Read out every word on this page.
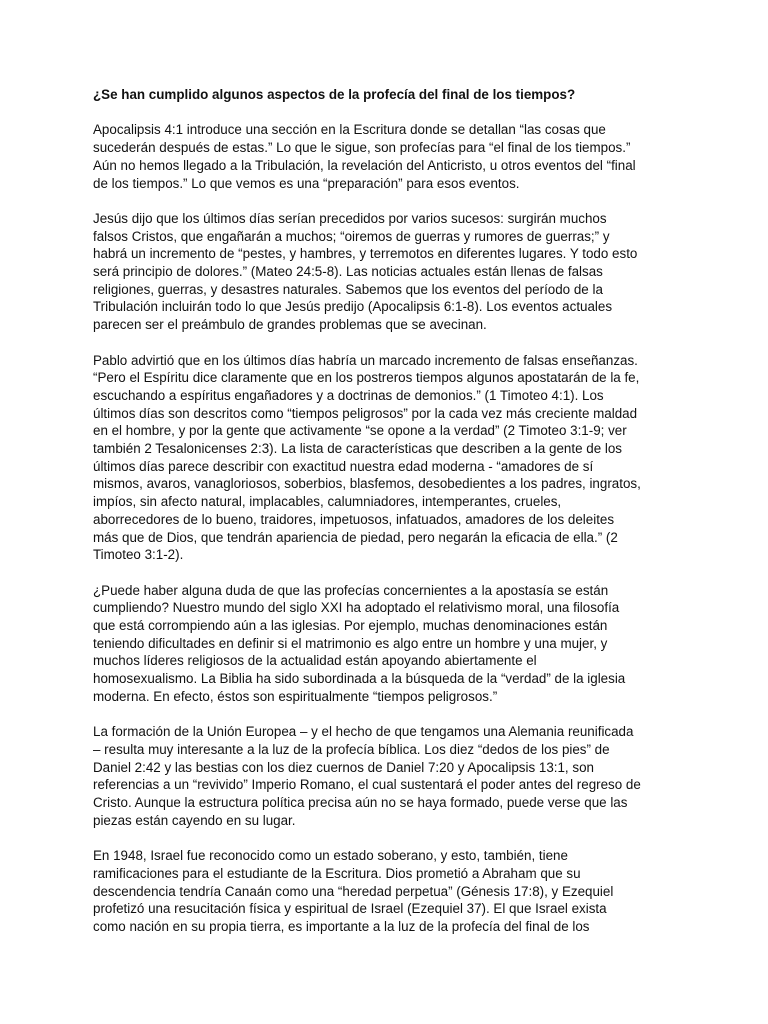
¿Se han cumplido algunos aspectos de la profecía del final de los tiempos?
Apocalipsis 4:1 introduce una sección en la Escritura donde se detallan “las cosas que
sucederán después de estas.” Lo que le sigue, son profecías para “el final de los tiempos.”
Aún no hemos llegado a la Tribulación, la revelación del Anticristo, u otros eventos del “final
de los tiempos.” Lo que vemos es una “preparación” para esos eventos.
Jesús dijo que los últimos días serían precedidos por varios sucesos: surgirán muchos
falsos Cristos, que engañarán a muchos; “oiremos de guerras y rumores de guerras;” y
habrá un incremento de “pestes, y hambres, y terremotos en diferentes lugares. Y todo esto
será principio de dolores.” (Mateo 24:5-8). Las noticias actuales están llenas de falsas
religiones, guerras, y desastres naturales. Sabemos que los eventos del período de la
Tribulación incluirán todo lo que Jesús predijo (Apocalipsis 6:1-8). Los eventos actuales
parecen ser el preámbulo de grandes problemas que se avecinan.
Pablo advirtió que en los últimos días habría un marcado incremento de falsas enseñanzas.
“Pero el Espíritu dice claramente que en los postreros tiempos algunos apostatarán de la fe,
escuchando a espíritus engañadores y a doctrinas de demonios.” (1 Timoteo 4:1). Los
últimos días son descritos como “tiempos peligrosos” por la cada vez más creciente maldad
en el hombre, y por la gente que activamente “se opone a la verdad” (2 Timoteo 3:1-9; ver
también 2 Tesalonicenses 2:3). La lista de características que describen a la gente de los
últimos días parece describir con exactitud nuestra edad moderna - “amadores de sí
mismos, avaros, vanagloriosos, soberbios, blasfemos, desobedientes a los padres, ingratos,
impíos, sin afecto natural, implacables, calumniadores, intemperantes, crueles,
aborrecedores de lo bueno, traidores, impetuosos, infatuados, amadores de los deleites
más que de Dios, que tendrán apariencia de piedad, pero negarán la eficacia de ella.” (2
Timoteo 3:1-2).
¿Puede haber alguna duda de que las profecías concernientes a la apostasía se están
cumpliendo? Nuestro mundo del siglo XXI ha adoptado el relativismo moral, una filosofía
que está corrompiendo aún a las iglesias. Por ejemplo, muchas denominaciones están
teniendo dificultades en definir si el matrimonio es algo entre un hombre y una mujer, y
muchos líderes religiosos de la actualidad están apoyando abiertamente el
homosexualismo. La Biblia ha sido subordinada a la búsqueda de la “verdad” de la iglesia
moderna. En efecto, éstos son espiritualmente “tiempos peligrosos.”
La formación de la Unión Europea – y el hecho de que tengamos una Alemania reunificada
– resulta muy interesante a la luz de la profecía bíblica. Los diez “dedos de los pies” de
Daniel 2:42 y las bestias con los diez cuernos de Daniel 7:20 y Apocalipsis 13:1, son
referencias a un “revivido” Imperio Romano, el cual sustentará el poder antes del regreso de
Cristo. Aunque la estructura política precisa aún no se haya formado, puede verse que las
piezas están cayendo en su lugar.
En 1948, Israel fue reconocido como un estado soberano, y esto, también, tiene
ramificaciones para el estudiante de la Escritura. Dios prometió a Abraham que su
descendencia tendría Canaán como una “heredad perpetua” (Génesis 17:8), y Ezequiel
profetizó una resucitación física y espiritual de Israel (Ezequiel 37). El que Israel exista
como nación en su propia tierra, es importante a la luz de la profecía del final de los
